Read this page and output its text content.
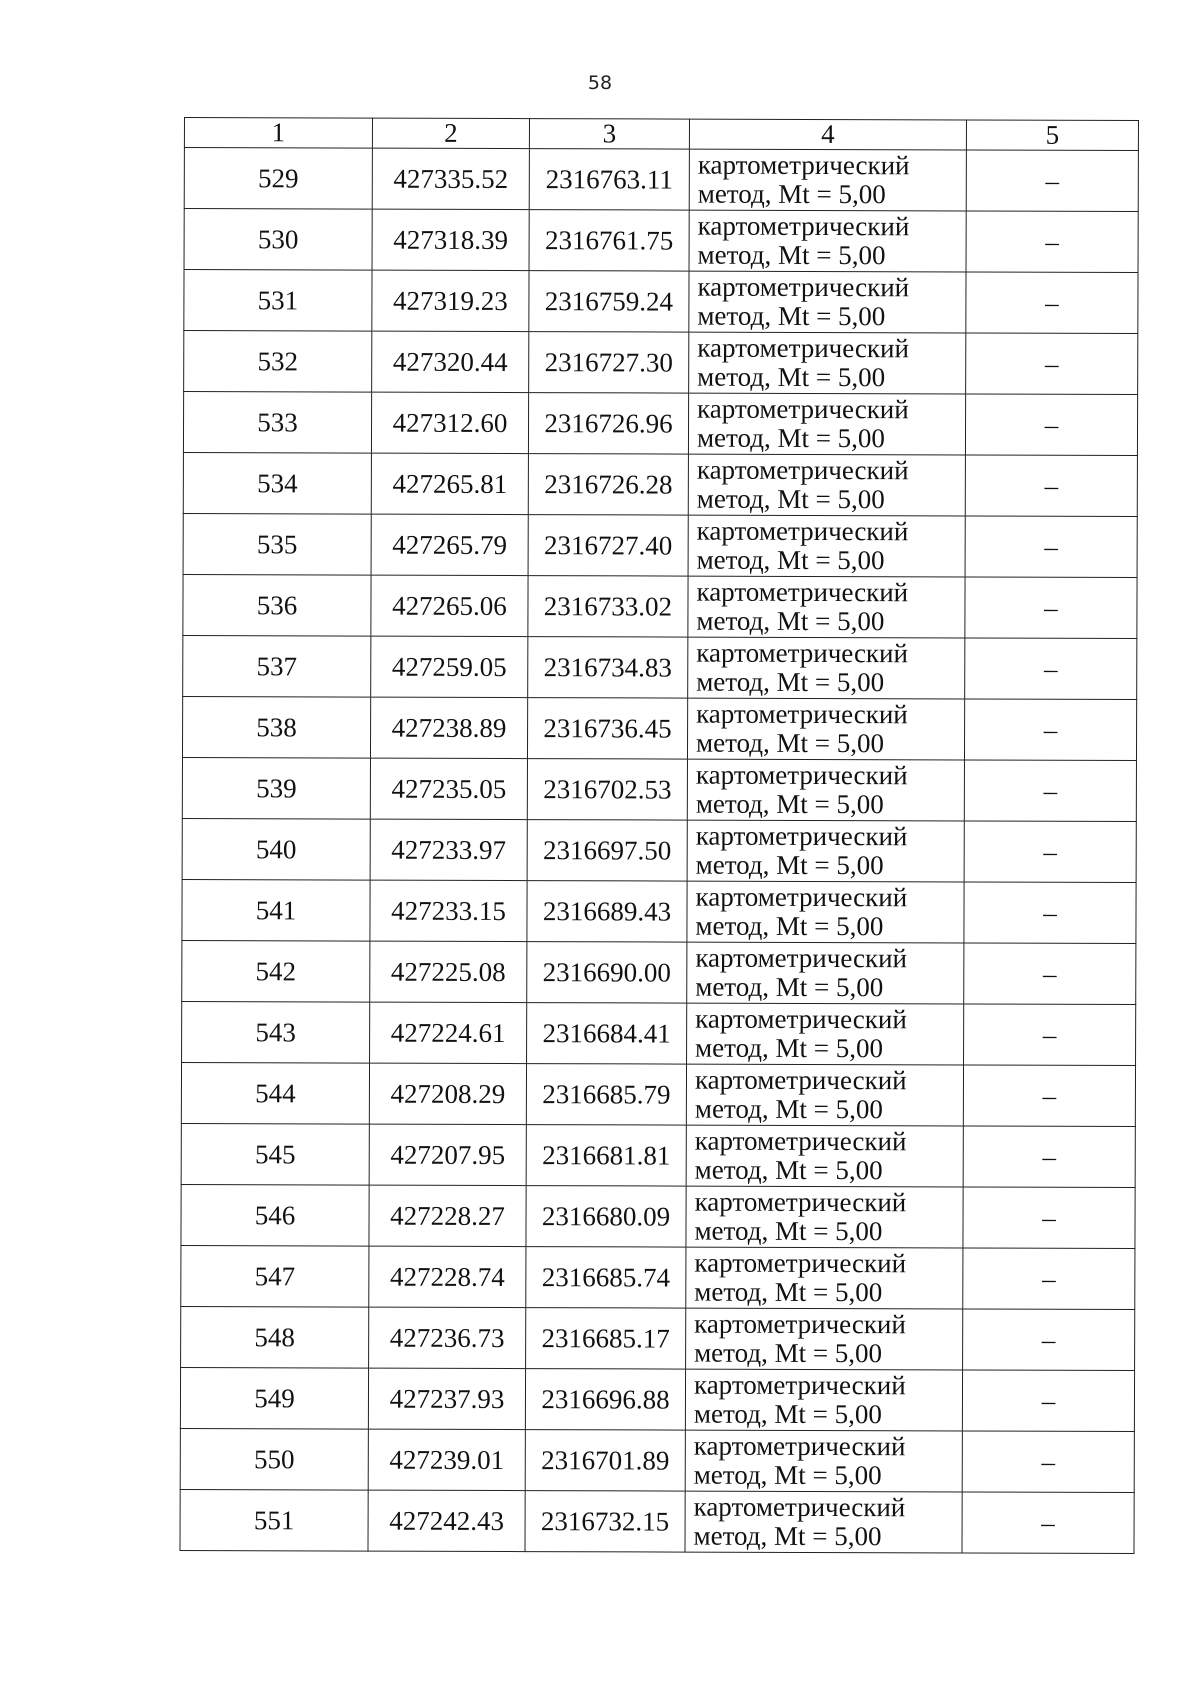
58
1	2	3	4	5
529	427335.52	2316763.11	картометрический
метод, Mt = 5,00	–
530	427318.39	2316761.75	картометрический
метод, Mt = 5,00	–
531	427319.23	2316759.24	картометрический
метод, Mt = 5,00	–
532	427320.44	2316727.30	картометрический
метод, Mt = 5,00	–
533	427312.60	2316726.96	картометрический
метод, Mt = 5,00	–
534	427265.81	2316726.28	картометрический
метод, Mt = 5,00	–
535	427265.79	2316727.40	картометрический
метод, Mt = 5,00	–
536	427265.06	2316733.02	картометрический
метод, Mt = 5,00	–
537	427259.05	2316734.83	картометрический
метод, Mt = 5,00	–
538	427238.89	2316736.45	картометрический
метод, Mt = 5,00	–
539	427235.05	2316702.53	картометрический
метод, Mt = 5,00	–
540	427233.97	2316697.50	картометрический
метод, Mt = 5,00	–
541	427233.15	2316689.43	картометрический
метод, Mt = 5,00	–
542	427225.08	2316690.00	картометрический
метод, Mt = 5,00	–
543	427224.61	2316684.41	картометрический
метод, Mt = 5,00	–
544	427208.29	2316685.79	картометрический
метод, Mt = 5,00	–
545	427207.95	2316681.81	картометрический
метод, Mt = 5,00	–
546	427228.27	2316680.09	картометрический
метод, Mt = 5,00	–
547	427228.74	2316685.74	картометрический
метод, Mt = 5,00	–
548	427236.73	2316685.17	картометрический
метод, Mt = 5,00	–
549	427237.93	2316696.88	картометрический
метод, Mt = 5,00	–
550	427239.01	2316701.89	картометрический
метод, Mt = 5,00	–
551	427242.43	2316732.15	картометрический
метод, Mt = 5,00	–
